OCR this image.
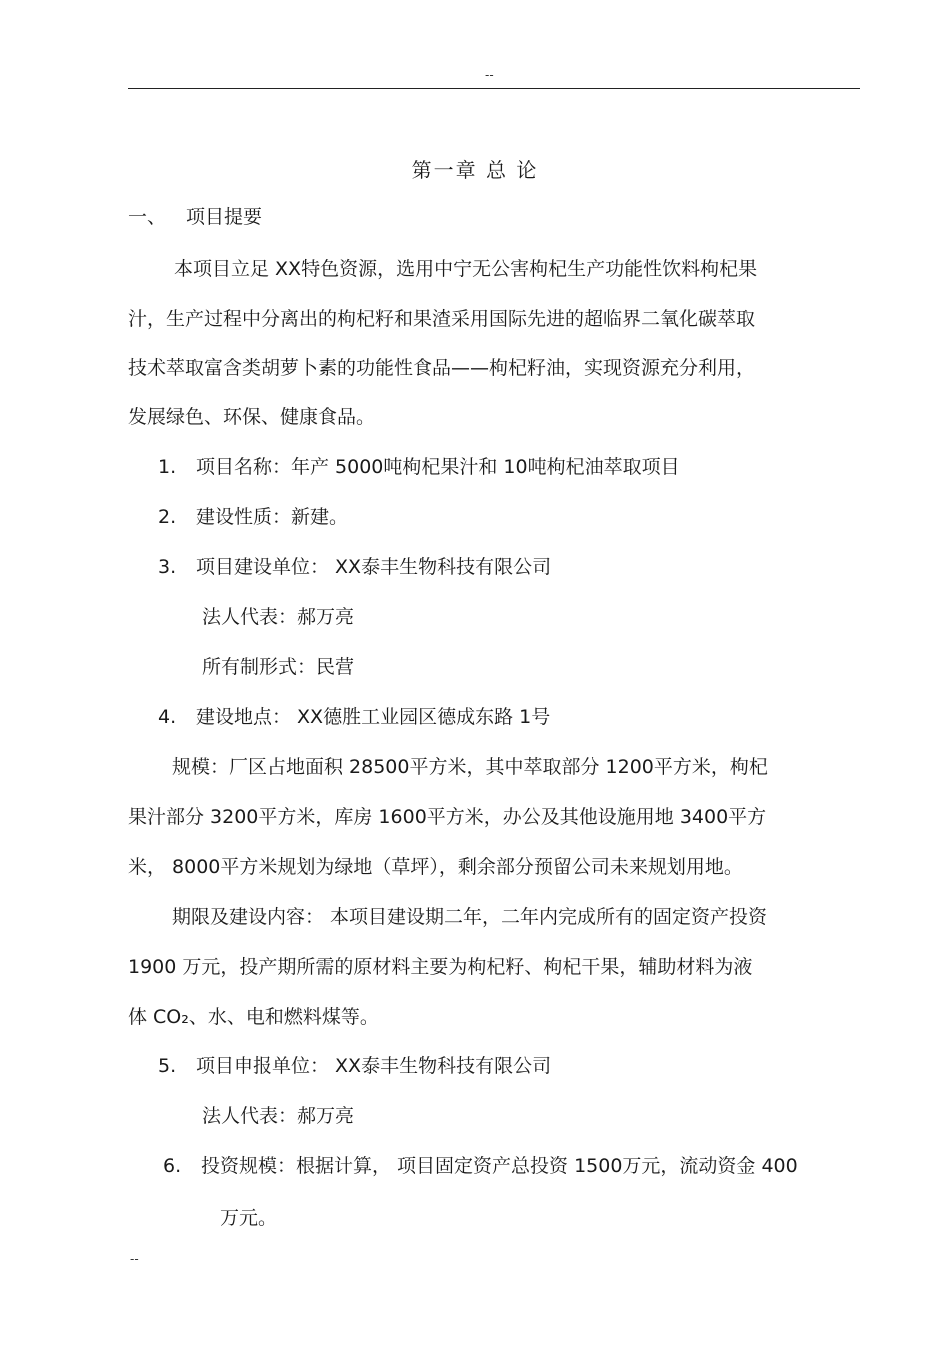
--
第一章 总 论
一、 项目提要
本项目立足 XX特色资源，选用中宁无公害枸杞生产功能性饮料枸杞果
汁，生产过程中分离出的枸杞籽和果渣采用国际先进的超临界二氧化碳萃取
技术萃取富含类胡萝卜素的功能性食品——枸杞籽油，实现资源充分利用，
发展绿色、环保、健康食品。
1. 项目名称：年产 5000吨枸杞果汁和 10吨枸杞油萃取项目
2. 建设性质：新建。
3. 项目建设单位： XX泰丰生物科技有限公司
法人代表：郝万亮
所有制形式：民营
4. 建设地点： XX德胜工业园区德成东路 1号
规模：厂区占地面积 28500平方米，其中萃取部分 1200平方米，枸杞
果汁部分 3200平方米，库房 1600平方米，办公及其他设施用地 3400平方
米， 8000平方米规划为绿地（草坪），剩余部分预留公司未来规划用地。
期限及建设内容： 本项目建设期二年，二年内完成所有的固定资产投资
1900 万元，投产期所需的原材料主要为枸杞籽、枸杞干果，辅助材料为液
体 CO₂、水、电和燃料煤等。
5. 项目申报单位： XX泰丰生物科技有限公司
法人代表：郝万亮
6. 投资规模：根据计算， 项目固定资产总投资 1500万元，流动资金 400
万元。
--
